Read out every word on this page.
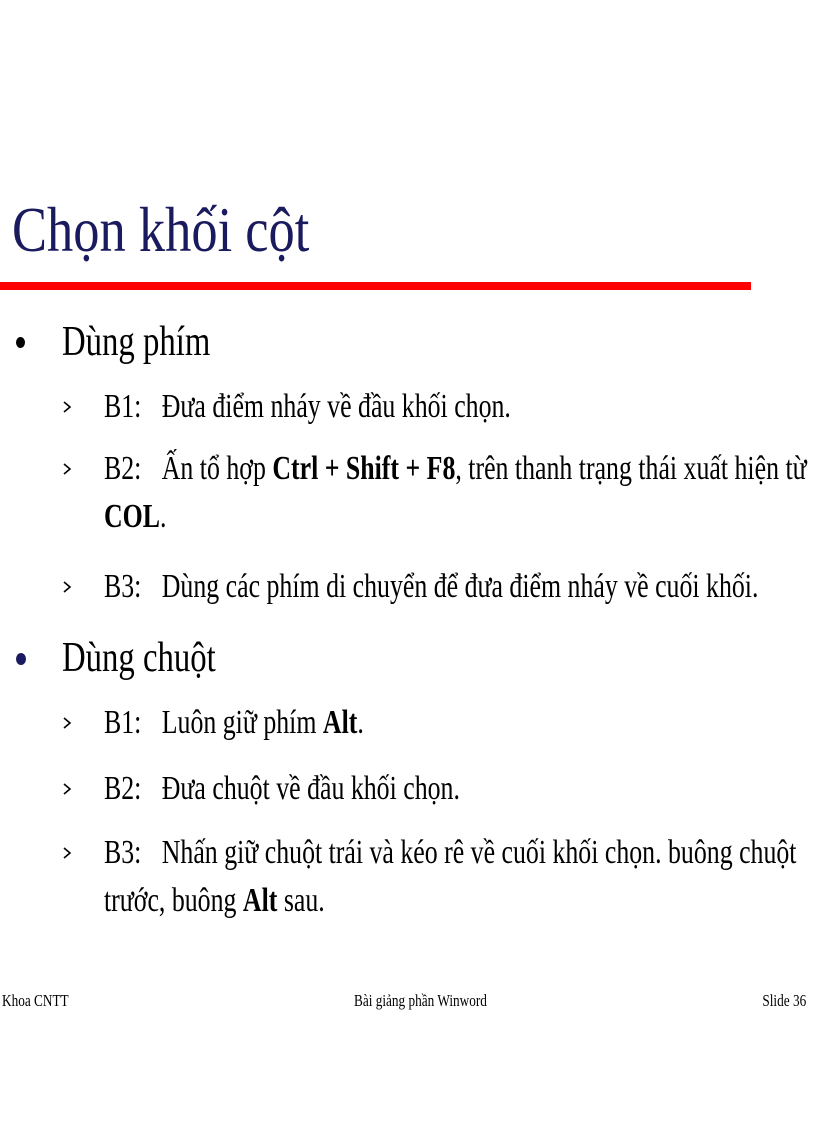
Chọn khối cột
Dùng phím
B1: Đưa điểm nháy về đầu khối chọn.
B2: Ấn tổ hợp Ctrl + Shift + F8, trên thanh trạng thái xuất hiện từ
COL.
B3: Dùng các phím di chuyển để đưa điểm nháy về cuối khối.
Dùng chuột
B1: Luôn giữ phím Alt.
B2: Đưa chuột về đầu khối chọn.
B3: Nhấn giữ chuột trái và kéo rê về cuối khối chọn. buông chuột
trước, buông Alt sau.
Khoa CNTT	Bài giảng phần Winword	Slide 36
